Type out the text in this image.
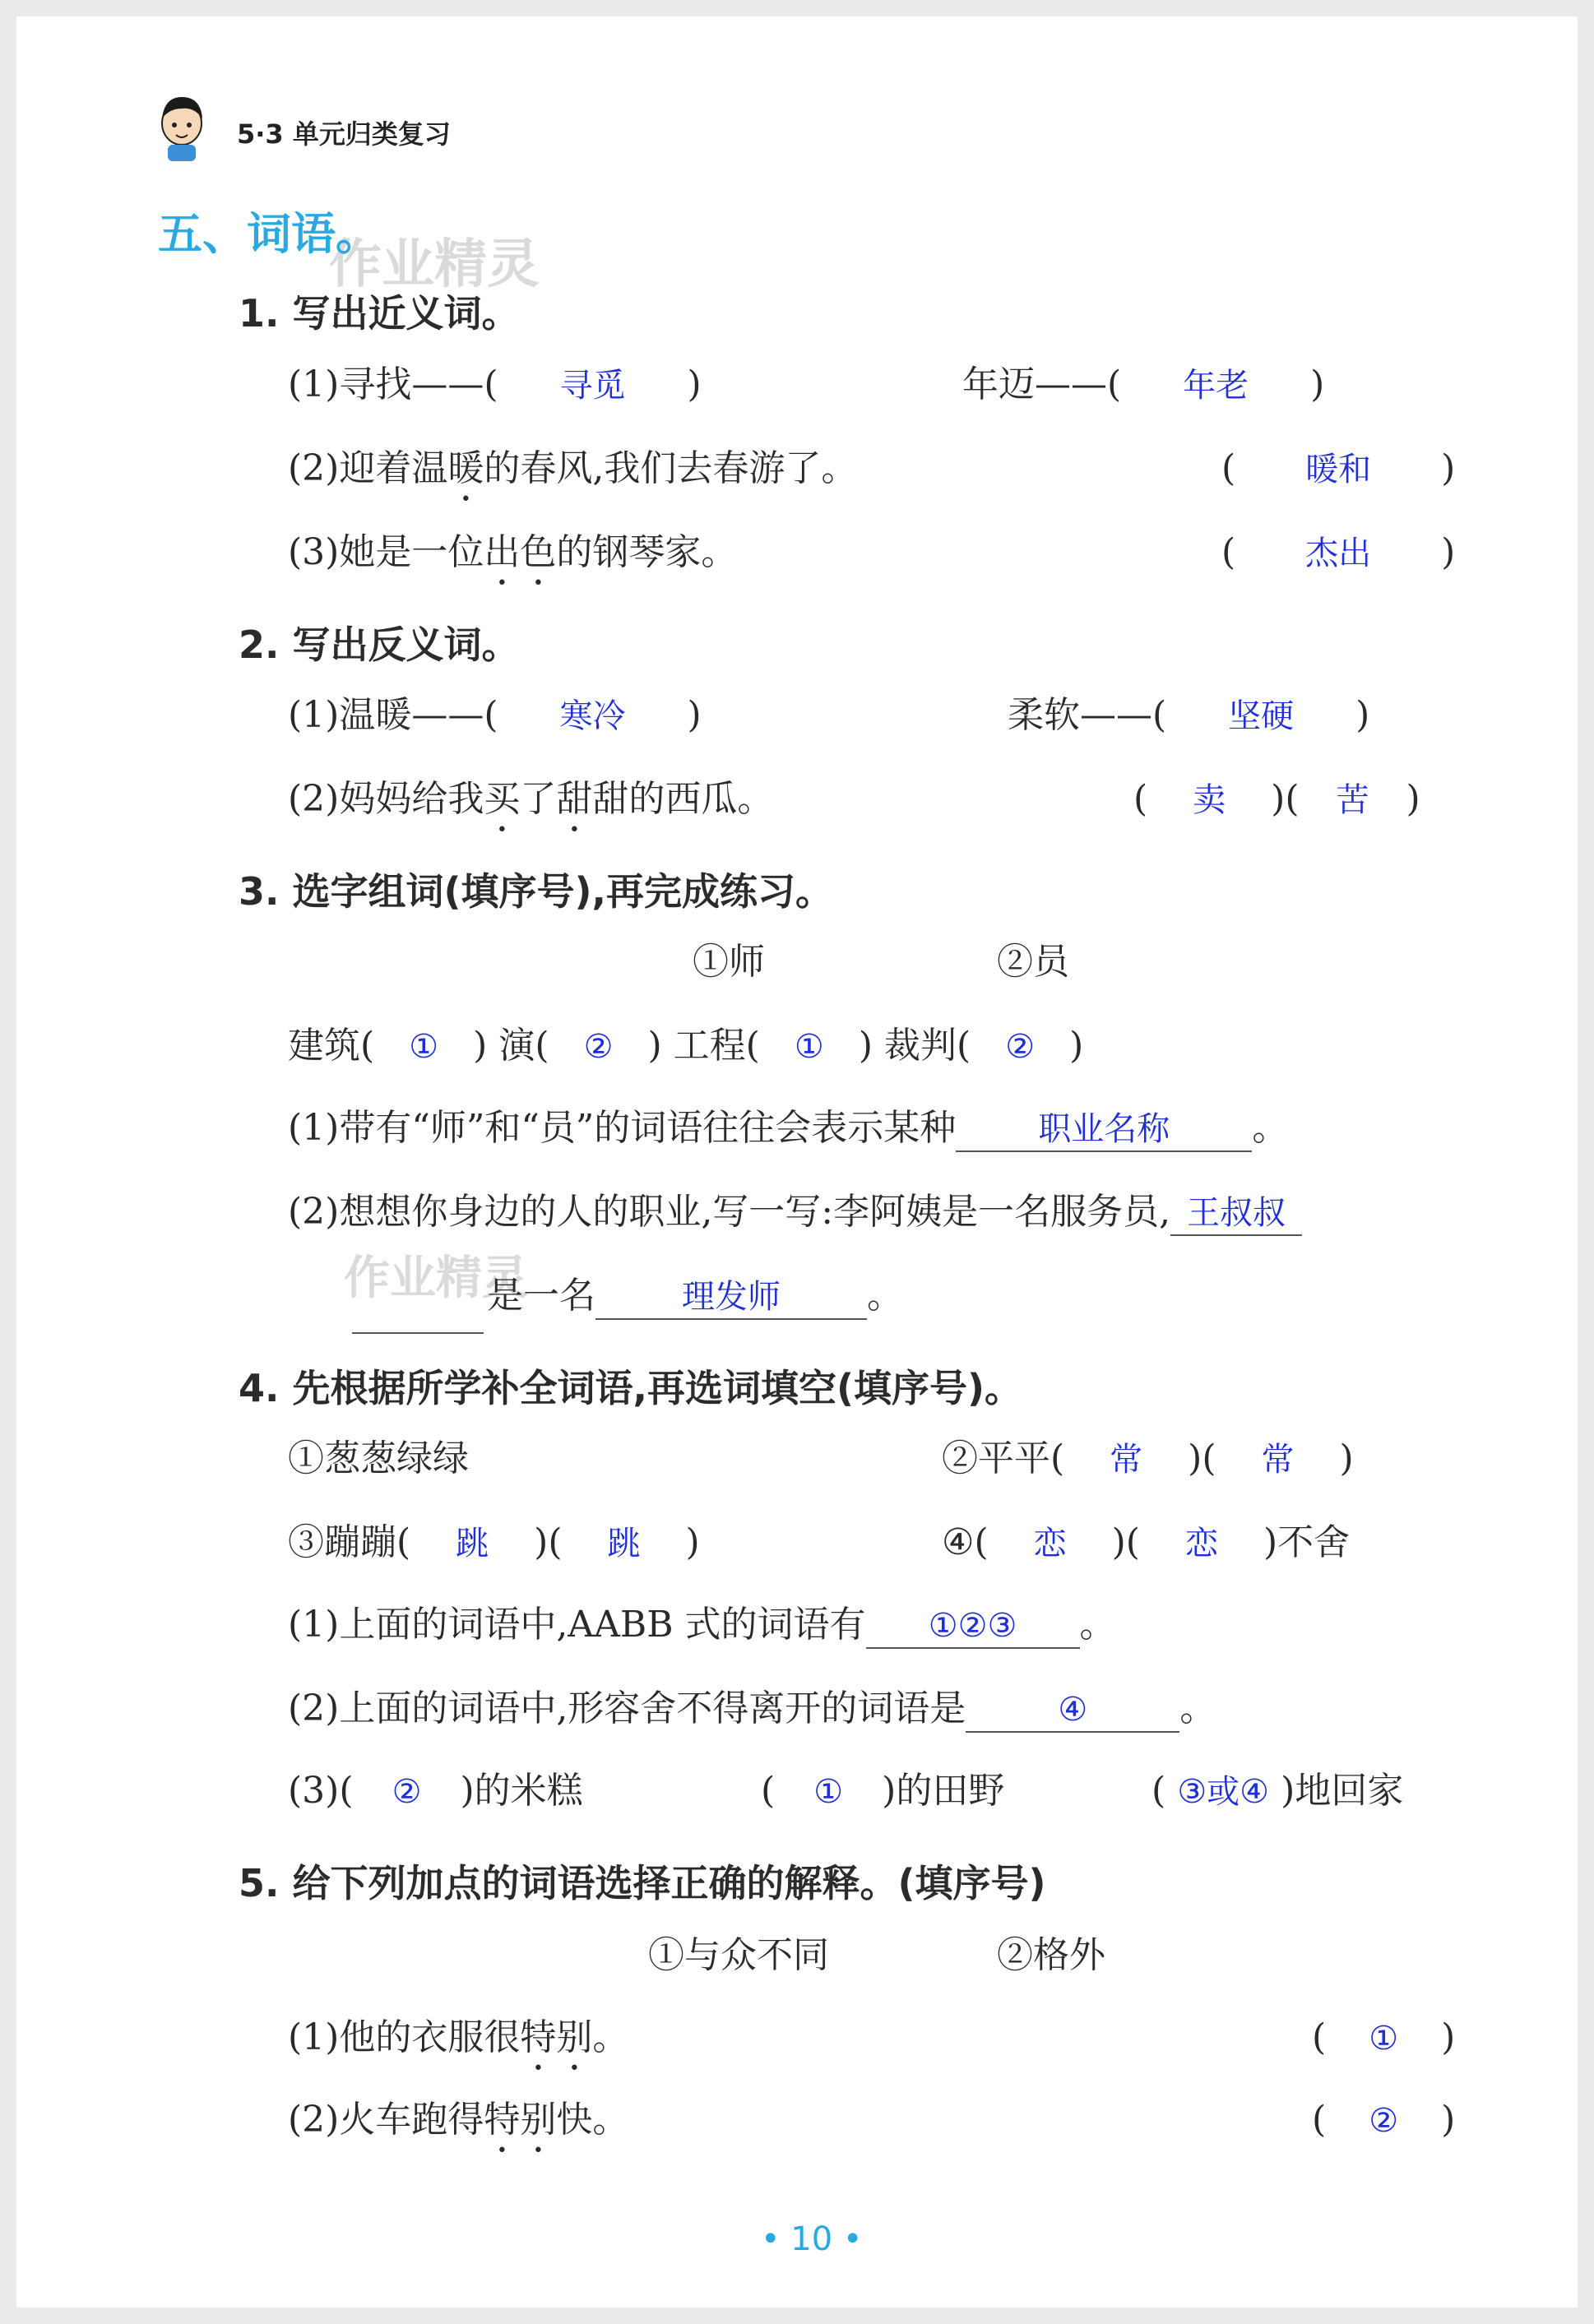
5·3 单元归类复习
作业精灵
作业精灵
五、词语。
1. 写出近义词。
(1)寻找——( 寻觅 )	年迈——( 年老 )
(2)迎着温暖的春风,我们去春游了。	( 暖和 )
(3)她是一位出色的钢琴家。	( 杰出 )
2. 写出反义词。
(1)温暖——( 寒冷 )	柔软——( 坚硬 )
(2)妈妈给我买了甜甜的西瓜。	( 卖 )( 苦 )
3. 选字组词(填序号),再完成练习。
①师	②员
建筑( ① ) 演( ② ) 工程( ① ) 裁判( ② )
(1)带有“师”和“员”的词语往往会表示某种	职业名称 。
(2)想想你身边的人的职业,写一写:李阿姨是一名服务员, 王叔叔
是一名	理发师 。
4. 先根据所学补全词语,再选词填空(填序号)。
①葱葱绿绿	②平平( 常 )( 常 )
③蹦蹦( 跳 )( 跳 )	④( 恋 )( 恋 )不舍
(1)上面的词语中,AABB 式的词语有 ①②③ 。
(2)上面的词语中,形容舍不得离开的词语是	④	。
(3)( ② )的米糕	( ① )的田野	( ③或④ )地回家
5. 给下列加点的词语选择正确的解释。(填序号)
①与众不同	②格外
(1)他的衣服很特别。	( ① )
(2)火车跑得特别快。	( ② )
• 10 •
